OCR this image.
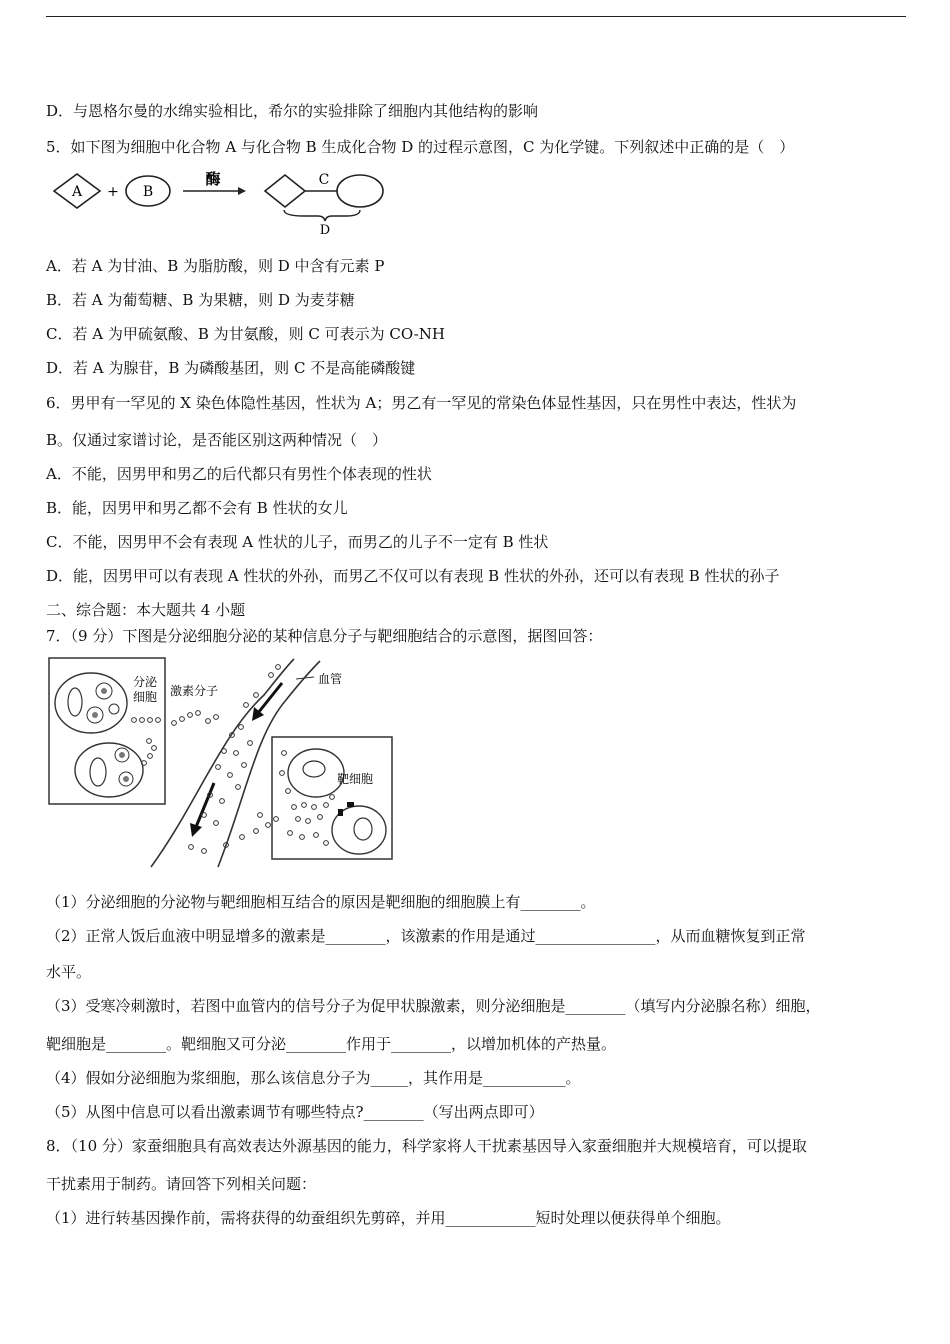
D．与恩格尔曼的水绵实验相比，希尔的实验排除了细胞内其他结构的影响
5．如下图为细胞中化合物 A 与化合物 B 生成化合物 D 的过程示意图，C 为化学键。下列叙述中正确的是（　）
A + B
酶	C
D
A．若 A 为甘油、B 为脂肪酸，则 D 中含有元素 P
B．若 A 为葡萄糖、B 为果糖，则 D 为麦芽糖
C．若 A 为甲硫氨酸、B 为甘氨酸，则 C 可表示为 CO-NH
D．若 A 为腺苷，B 为磷酸基团，则 C 不是高能磷酸键
6．男甲有一罕见的 X 染色体隐性基因，性状为 A；男乙有一罕见的常染色体显性基因，只在男性中表达，性状为
B。仅通过家谱讨论，是否能区别这两种情况（　）
A．不能，因男甲和男乙的后代都只有男性个体表现的性状
B．能，因男甲和男乙都不会有 B 性状的女儿
C．不能，因男甲不会有表现 A 性状的儿子，而男乙的儿子不一定有 B 性状
D．能，因男甲可以有表现 A 性状的外孙，而男乙不仅可以有表现 B 性状的外孙，还可以有表现 B 性状的孙子
二、综合题：本大题共 4 小题
7．（9 分）下图是分泌细胞分泌的某种信息分子与靶细胞结合的示意图，据图回答：
分泌
细胞 激素分子
血管
靶细胞
（1）分泌细胞的分泌物与靶细胞相互结合的原因是靶细胞的细胞膜上有________。
（2）正常人饭后血液中明显增多的激素是________，该激素的作用是通过________________，从而血糖恢复到正常
水平。
（3）受寒冷刺激时，若图中血管内的信号分子为促甲状腺激素，则分泌细胞是________（填写内分泌腺名称）细胞，
靶细胞是________。靶细胞又可分泌________作用于________，以增加机体的产热量。
（4）假如分泌细胞为浆细胞，那么该信息分子为_____，其作用是___________。
（5）从图中信息可以看出激素调节有哪些特点?________（写出两点即可）
8．（10 分）家蚕细胞具有高效表达外源基因的能力，科学家将人干扰素基因导入家蚕细胞并大规模培育，可以提取
干扰素用于制药。请回答下列相关问题：
（1）进行转基因操作前，需将获得的幼蚕组织先剪碎，并用____________短时处理以便获得单个细胞。
